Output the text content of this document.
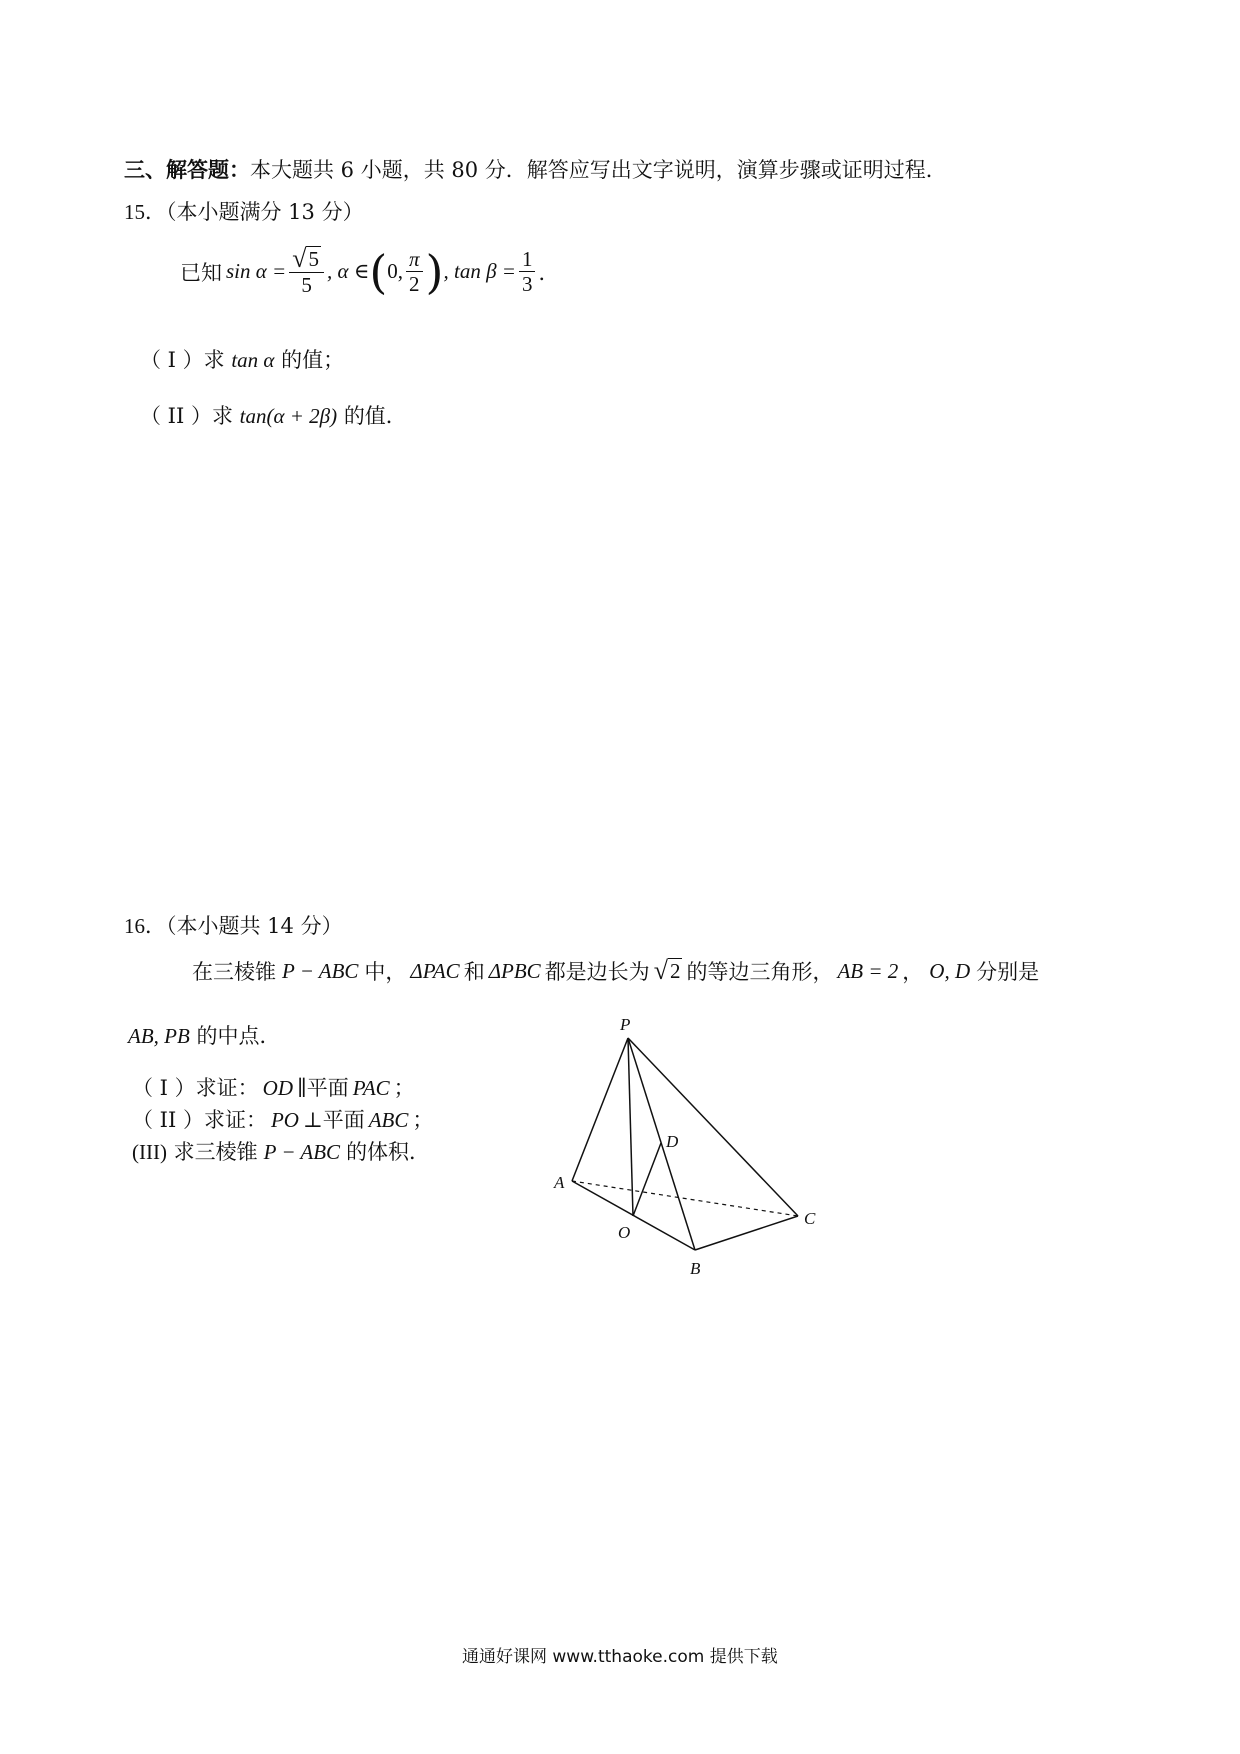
三、解答题：本大题共 6 小题，共 80 分．解答应写出文字说明，演算步骤或证明过程．
15．（本小题满分 13 分）
已知 $\sin \alpha = \frac{√ 5}{5}$ , α ∈ ( 0, $\frac{\pi}{2}$ ) , $\tan \beta = \frac{1}{3}$ ．
（ I ）求 tan α 的值；
（ II ）求 tan(α + 2β) 的值．
16．（本小题共 14 分）
在三棱锥 P − ABC 中， ΔPAC 和 ΔPBC 都是边长为 √ 2 的等边三角形， AB = 2 ， O, D 分别是
AB, PB 的中点．
（ I ）求证： OD ∥平面 PAC ；
（ II ）求证： PO ⊥平面 ABC ；
(III) 求三棱锥 P − ABC 的体积．
P
A
B
C
D
O
通通好课网 www.tthaoke.com 提供下载
